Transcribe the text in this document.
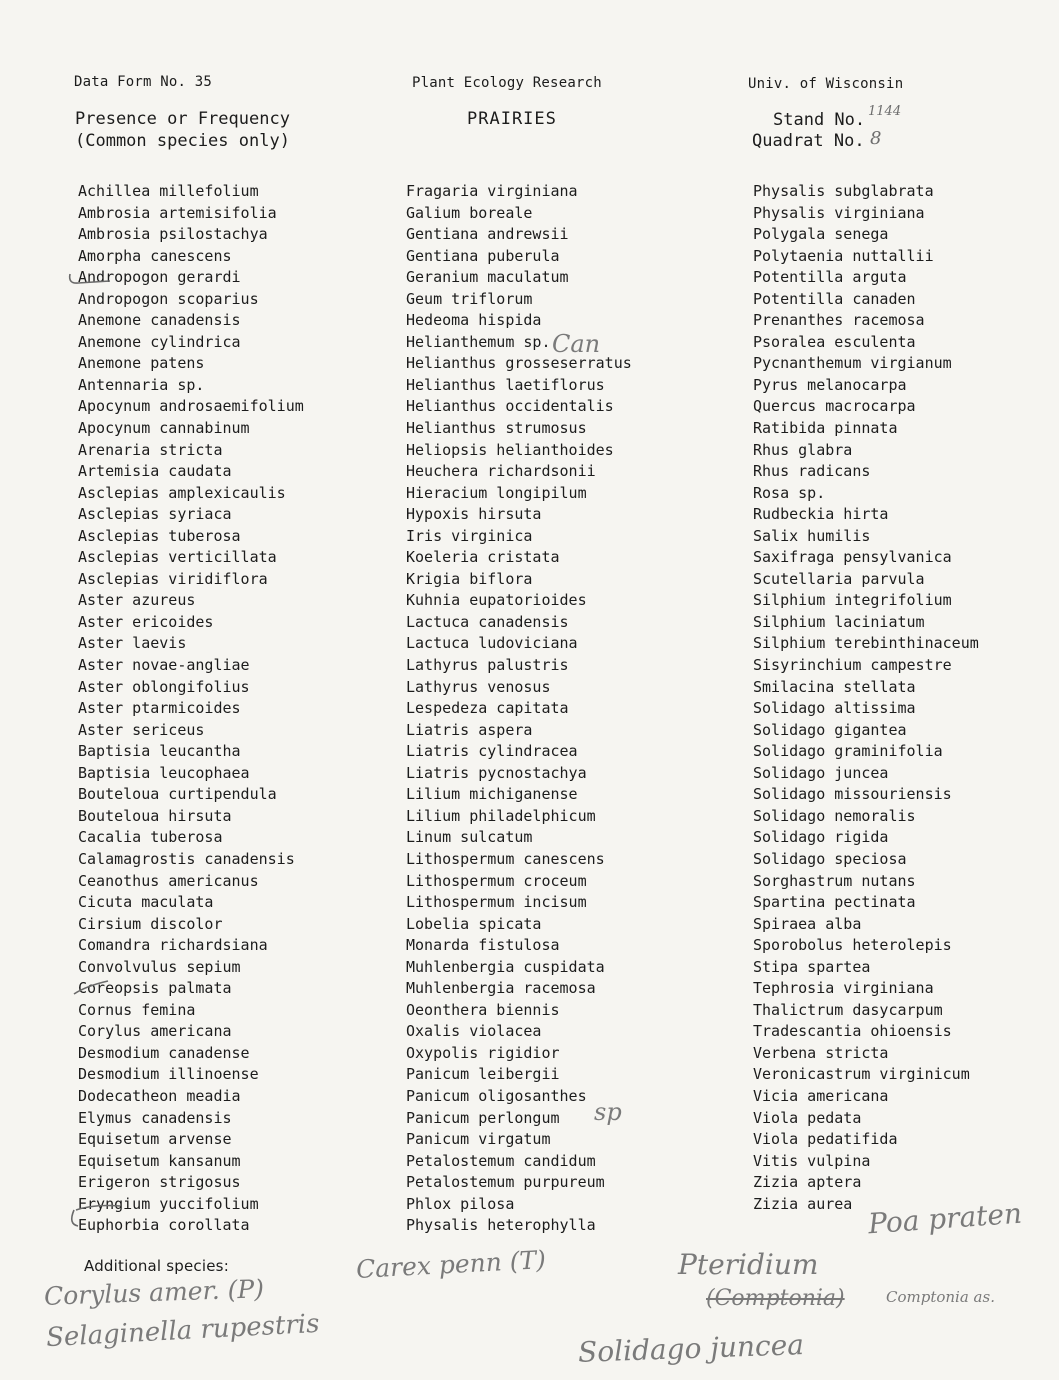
Data Form No. 35	Plant Ecology Research	Univ. of Wisconsin
Presence or Frequency
(Common species only)
PRAIRIES	Stand No. 1144
Quadrat No. 8
Achillea millefolium
Ambrosia artemisifolia
Ambrosia psilostachya
Amorpha canescens
Andropogon gerardi
Andropogon scoparius
Anemone canadensis
Anemone cylindrica
Anemone patens
Antennaria sp.
Apocynum androsaemifolium
Apocynum cannabinum
Arenaria stricta
Artemisia caudata
Asclepias amplexicaulis
Asclepias syriaca
Asclepias tuberosa
Asclepias verticillata
Asclepias viridiflora
Aster azureus
Aster ericoides
Aster laevis
Aster novae-angliae
Aster oblongifolius
Aster ptarmicoides
Aster sericeus
Baptisia leucantha
Baptisia leucophaea
Bouteloua curtipendula
Bouteloua hirsuta
Cacalia tuberosa
Calamagrostis canadensis
Ceanothus americanus
Cicuta maculata
Cirsium discolor
Comandra richardsiana
Convolvulus sepium
Coreopsis palmata
Cornus femina
Corylus americana
Desmodium canadense
Desmodium illinoense
Dodecatheon meadia
Elymus canadensis
Equisetum arvense
Equisetum kansanum
Erigeron strigosus
Eryngium yuccifolium
Euphorbia corollata
Fragaria virginiana
Galium boreale
Gentiana andrewsii
Gentiana puberula
Geranium maculatum
Geum triflorum
Hedeoma hispida
Helianthemum sp.
Helianthus grosseserratus
Helianthus laetiflorus
Helianthus occidentalis
Helianthus strumosus
Heliopsis helianthoides
Heuchera richardsonii
Hieracium longipilum
Hypoxis hirsuta
Iris virginica
Koeleria cristata
Krigia biflora
Kuhnia eupatorioides
Lactuca canadensis
Lactuca ludoviciana
Lathyrus palustris
Lathyrus venosus
Lespedeza capitata
Liatris aspera
Liatris cylindracea
Liatris pycnostachya
Lilium michiganense
Lilium philadelphicum
Linum sulcatum
Lithospermum canescens
Lithospermum croceum
Lithospermum incisum
Lobelia spicata
Monarda fistulosa
Muhlenbergia cuspidata
Muhlenbergia racemosa
Oeonthera biennis
Oxalis violacea
Oxypolis rigidior
Panicum leibergii
Panicum oligosanthes
Panicum perlongum
Panicum virgatum
Petalostemum candidum
Petalostemum purpureum
Phlox pilosa
Physalis heterophylla
Physalis subglabrata
Physalis virginiana
Polygala senega
Polytaenia nuttallii
Potentilla arguta
Potentilla canaden
Prenanthes racemosa
Psoralea esculenta
Pycnanthemum virgianum
Pyrus melanocarpa
Quercus macrocarpa
Ratibida pinnata
Rhus glabra
Rhus radicans
Rosa sp.
Rudbeckia hirta
Salix humilis
Saxifraga pensylvanica
Scutellaria parvula
Silphium integrifolium
Silphium laciniatum
Silphium terebinthinaceum
Sisyrinchium campestre
Smilacina stellata
Solidago altissima
Solidago gigantea
Solidago graminifolia
Solidago juncea
Solidago missouriensis
Solidago nemoralis
Solidago rigida
Solidago speciosa
Sorghastrum nutans
Spartina pectinata
Spiraea alba
Sporobolus heterolepis
Stipa spartea
Tephrosia virginiana
Thalictrum dasycarpum
Tradescantia ohioensis
Verbena stricta
Veronicastrum virginicum
Vicia americana
Viola pedata
Viola pedatifida
Vitis vulpina
Zizia aptera
Zizia aurea
Can
sp
Additional species:
Poa praten
Carex penn (T)	Pteridium
(Comptonia)	Comptonia as.
Corylus amer. (P)
Selaginella rupestris	Solidago juncea
